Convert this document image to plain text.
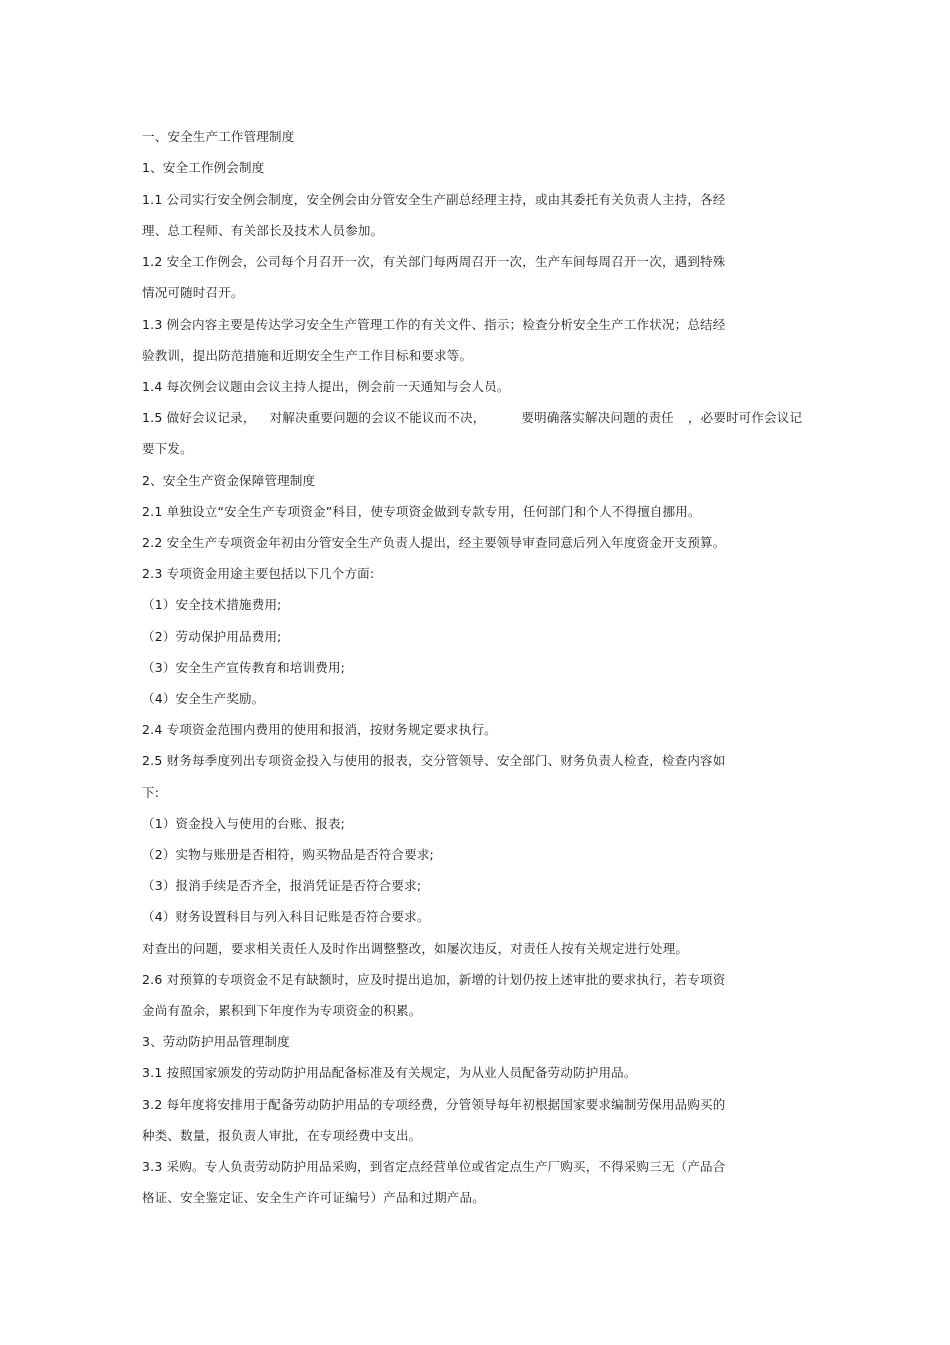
一、安全生产工作管理制度
1、安全工作例会制度
1.1 公司实行安全例会制度，安全例会由分管安全生产副总经理主持，或由其委托有关负责人主持，各经
理、总工程师、有关部长及技术人员参加。
1.2 安全工作例会，公司每个月召开一次，有关部门每两周召开一次，生产车间每周召开一次，遇到特殊
情况可随时召开。
1.3 例会内容主要是传达学习安全生产管理工作的有关文件、指示；检查分析安全生产工作状况；总结经
验教训，提出防范措施和近期安全生产工作目标和要求等。
1.4 每次例会议题由会议主持人提出，例会前一天通知与会人员。
1.5 做好会议记录， 对解决重要问题的会议不能议而不决，	要明确落实解决问题的责任 ，必要时可作会议记
要下发。
2、安全生产资金保障管理制度
2.1 单独设立“安全生产专项资金”科目，使专项资金做到专款专用，任何部门和个人不得擅自挪用。
2.2 安全生产专项资金年初由分管安全生产负责人提出，经主要领导审查同意后列入年度资金开支预算。
2.3 专项资金用途主要包括以下几个方面:
（1）安全技术措施费用;
（2）劳动保护用品费用;
（3）安全生产宣传教育和培训费用;
（4）安全生产奖励。
2.4 专项资金范围内费用的使用和报消，按财务规定要求执行。
2.5 财务每季度列出专项资金投入与使用的报表，交分管领导、安全部门、财务负责人检查，检查内容如
下:
（1）资金投入与使用的台账、报表;
（2）实物与账册是否相符，购买物品是否符合要求;
（3）报消手续是否齐全，报消凭证是否符合要求;
（4）财务设置科目与列入科目记账是否符合要求。
对查出的问题，要求相关责任人及时作出调整整改，如屡次违反，对责任人按有关规定进行处理。
2.6 对预算的专项资金不足有缺额时，应及时提出追加，新增的计划仍按上述审批的要求执行，若专项资
金尚有盈余，累积到下年度作为专项资金的积累。
3、劳动防护用品管理制度
3.1 按照国家颁发的劳动防护用品配备标准及有关规定，为从业人员配备劳动防护用品。
3.2 每年度将安排用于配备劳动防护用品的专项经费，分管领导每年初根据国家要求编制劳保用品购买的
种类、数量，报负责人审批，在专项经费中支出。
3.3 采购。专人负责劳动防护用品采购，到省定点经营单位或省定点生产厂购买，不得采购三无（产品合
格证、安全鉴定证、安全生产许可证编号）产品和过期产品。
